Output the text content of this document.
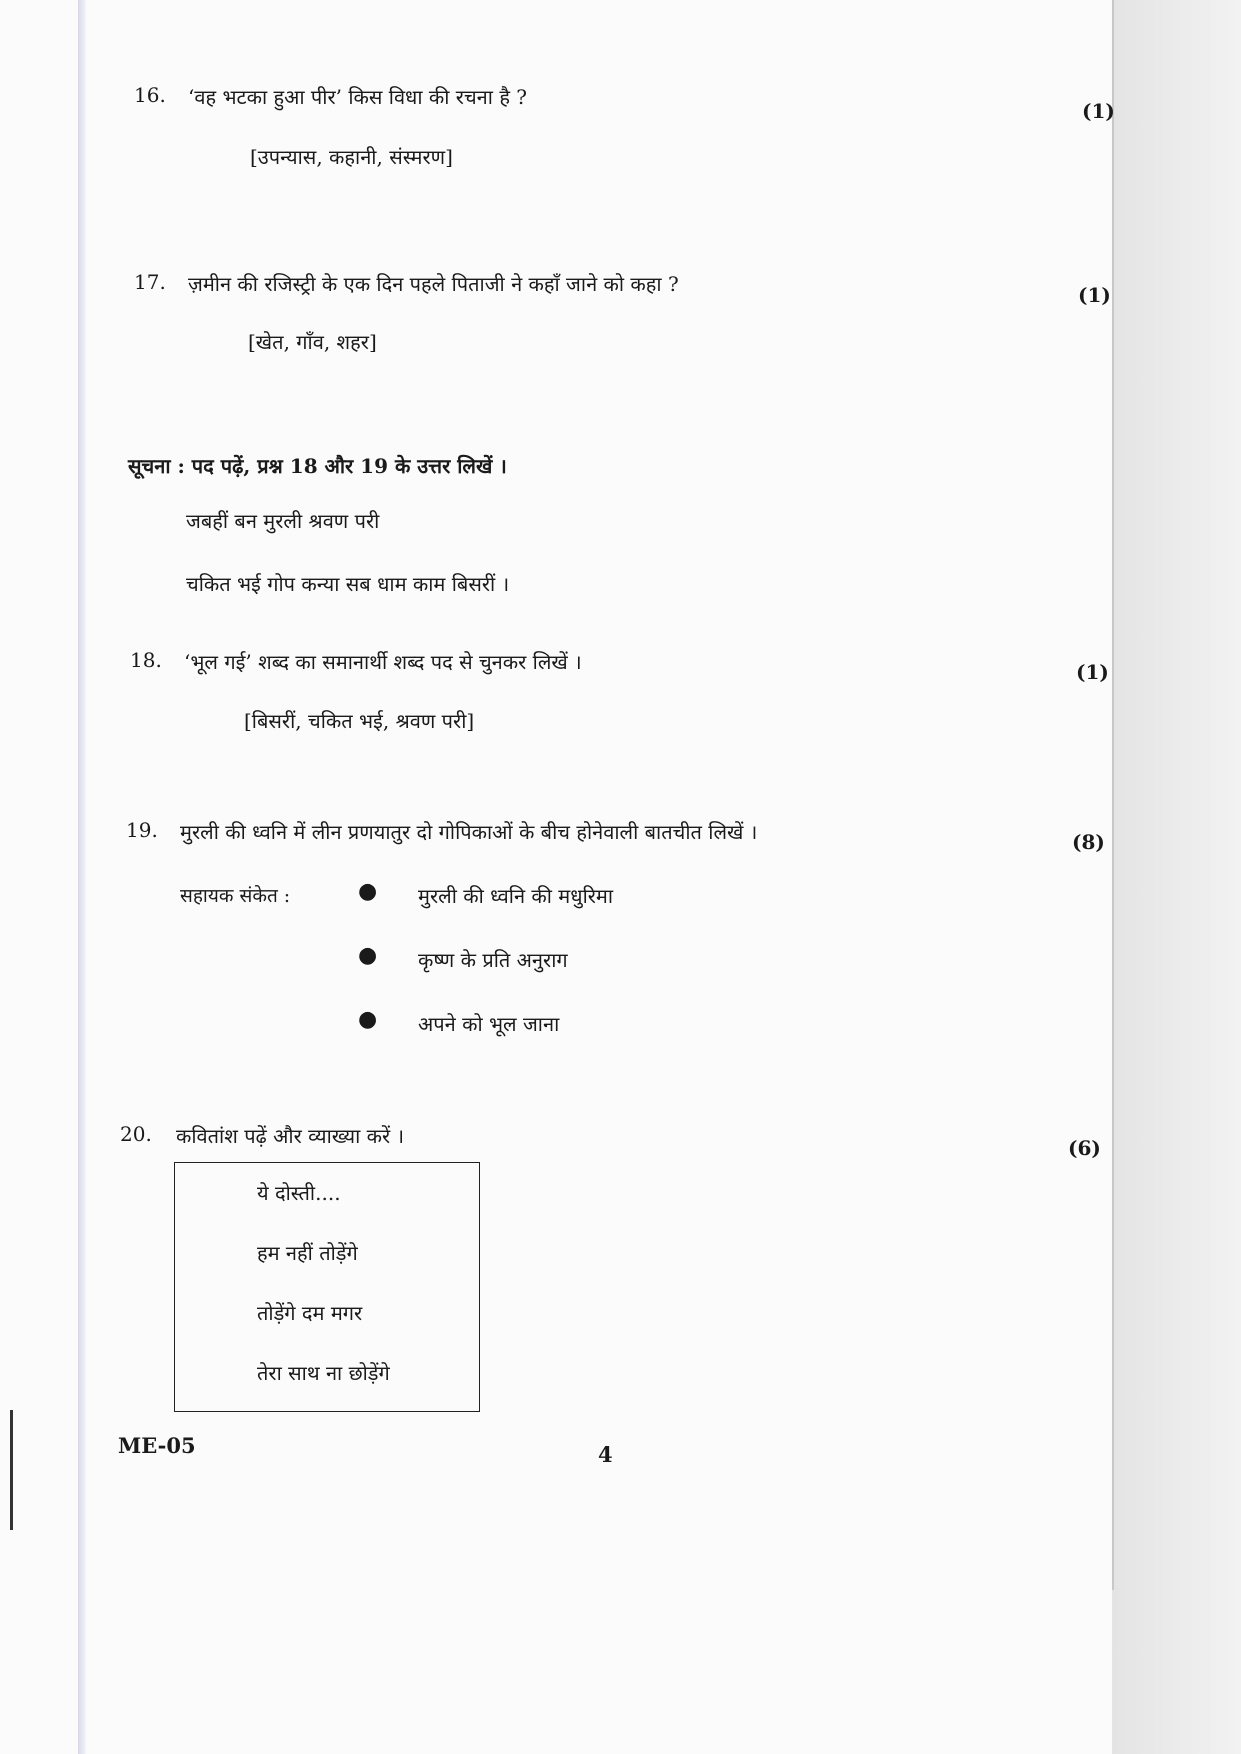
16. ‘वह भटका हुआ पीर’ किस विधा की रचना है ?
(1)
[उपन्यास, कहानी, संस्मरण]
17. ज़मीन की रजिस्ट्री के एक दिन पहले पिताजी ने कहाँ जाने को कहा ?	(1)
[खेत, गाँव, शहर]
सूचना : पद पढ़ें, प्रश्न 18 और 19 के उत्तर लिखें ।
जबहीं बन मुरली श्रवण परी
चकित भई गोप कन्या सब धाम काम बिसरीं ।
18. ‘भूल गई’ शब्द का समानार्थी शब्द पद से चुनकर लिखें ।	(1)
[बिसरीं, चकित भई, श्रवण परी]
19. मुरली की ध्वनि में लीन प्रणयातुर दो गोपिकाओं के बीच होनेवाली बातचीत लिखें ।	(8)
सहायक संकेत :	● मुरली की ध्वनि की मधुरिमा
● कृष्ण के प्रति अनुराग
● अपने को भूल जाना
20. कवितांश पढ़ें और व्याख्या करें ।	(6)
ये दोस्ती....
हम नहीं तोड़ेंगे
तोड़ेंगे दम मगर
तेरा साथ ना छोड़ेंगे
ME-05	4
